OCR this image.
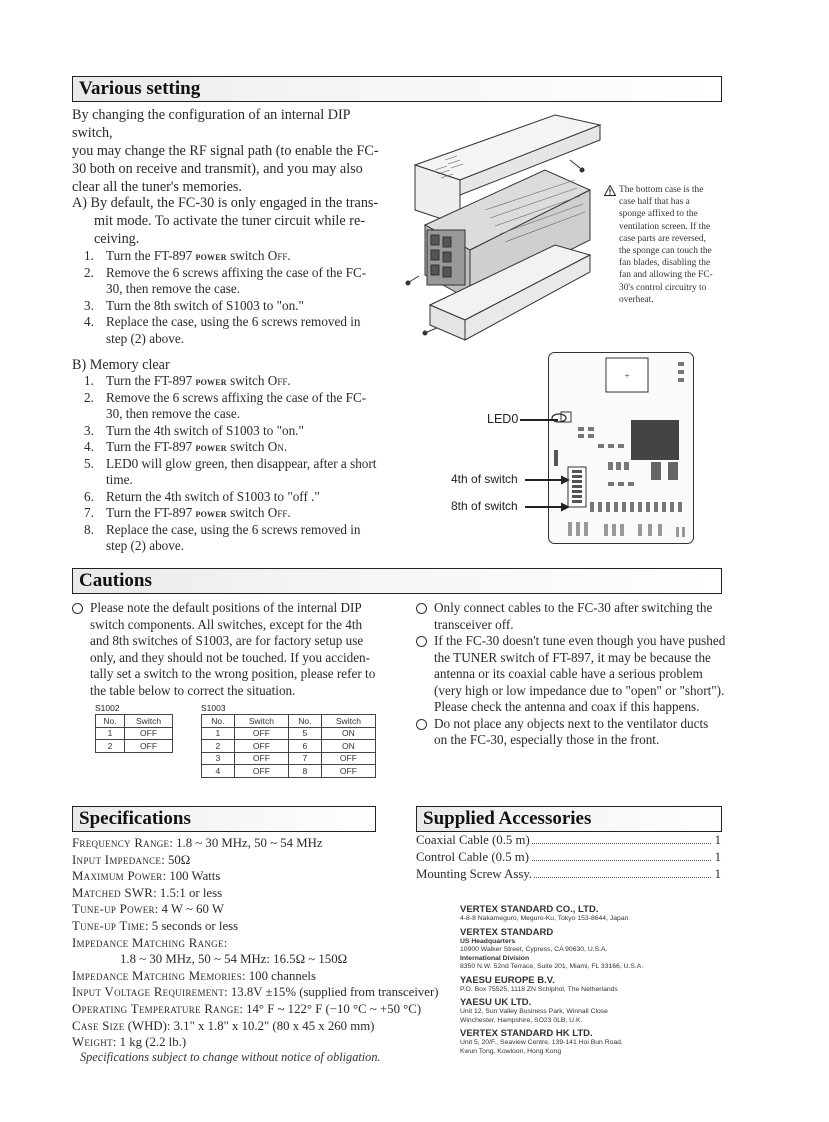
Various setting
By changing the configuration of an internal DIP switch,
you may change the RF signal path (to enable the FC-
30 both on receive and transmit), and you may also
clear all the tuner's memories.
A) By default, the FC-30 is only engaged in the trans-
mit mode. To activate the tuner circuit while re-
ceiving.
1. Turn the FT-897 power switch Off.
2. Remove the 6 screws affixing the case of the FC-
30, then remove the case.
3. Turn the 8th switch of S1003 to "on."
4. Replace the case, using the 6 screws removed in
step (2) above.
B) Memory clear
1. Turn the FT-897 power switch Off.
2. Remove the 6 screws affixing the case of the FC-
30, then remove the case.
3. Turn the 4th switch of S1003 to "on."
4. Turn the FT-897 power switch On.
5. LED0 will glow green, then disappear, after a short
time.
6. Return the 4th switch of S1003 to "off ."
7. Turn the FT-897 power switch Off.
8. Replace the case, using the 6 screws removed in
step (2) above.
The bottom case is the
case half that has a
sponge affixed to the
ventilation screen. If the
case parts are reversed,
the sponge can touch the
fan blades, disabling the
fan and allowing the FC-
30's control circuitry to
overheat.
+
LED0
4th of switch
8th of switch
Cautions
Please note the default positions of the internal DIP
switch components. All switches, except for the 4th
and 8th switches of S1003, are for factory setup use
only, and they should not be touched. If you acciden-
tally set a switch to the wrong position, please refer to
the table below to correct the situation.
S1002
No.	Switch
1	OFF
2	OFF
S1003
No.	Switch	No.	Switch
1	OFF	5	ON
2	OFF	6	ON
3	OFF	7	OFF
4	OFF	8	OFF
Only connect cables to the FC-30 after switching the
transceiver off.
If the FC-30 doesn't tune even though you have pushed
the TUNER switch of FT-897, it may be because the
antenna or its coaxial cable have a serious problem
(very high or low impedance due to "open" or "short").
Please check the antenna and coax if this happens.
Do not place any objects next to the ventilator ducts
on the FC-30, especially those in the front.
Specifications
Frequency Range: 1.8 ~ 30 MHz, 50 ~ 54 MHz
Input Impedance: 50Ω
Maximum Power: 100 Watts
Matched SWR: 1.5:1 or less
Tune-up Power: 4 W ~ 60 W
Tune-up Time: 5 seconds or less
Impedance Matching Range:
1.8 ~ 30 MHz, 50 ~ 54 MHz: 16.5Ω ~ 150Ω
Impedance Matching Memories: 100 channels
Input Voltage Requirement: 13.8V ±15% (supplied from transceiver)
Operating Temperature Range: 14° F ~ 122° F (−10 °C ~ +50 °C)
Case Size (WHD): 3.1" x 1.8" x 10.2" (80 x 45 x 260 mm)
Weight: 1 kg (2.2 lb.)
Specifications subject to change without notice of obligation.
Supplied Accessories
Coaxial Cable (0.5 m)	1
Control Cable (0.5 m)	1
Mounting Screw Assy.	1
VERTEX STANDARD CO., LTD.
4-8-8 Nakameguro, Meguro-Ku, Tokyo 153-8644, Japan
VERTEX STANDARD
US Headquarters
10900 Walker Street, Cypress, CA 90630, U.S.A.
International Division
8350 N.W. 52nd Terrace, Suite 201, Miami, FL 33166, U.S.A.
YAESU EUROPE B.V.
P.O. Box 75525, 1118 ZN Schiphol, The Netherlands
YAESU UK LTD.
Unit 12, Sun Valley Business Park, Winnall Close
Winchester, Hampshire, SO23 0LB, U.K.
VERTEX STANDARD HK LTD.
Unit 5, 20/F., Seaview Centre, 139-141 Hoi Bun Road,
Kwun Tong, Kowloon, Hong Kong
